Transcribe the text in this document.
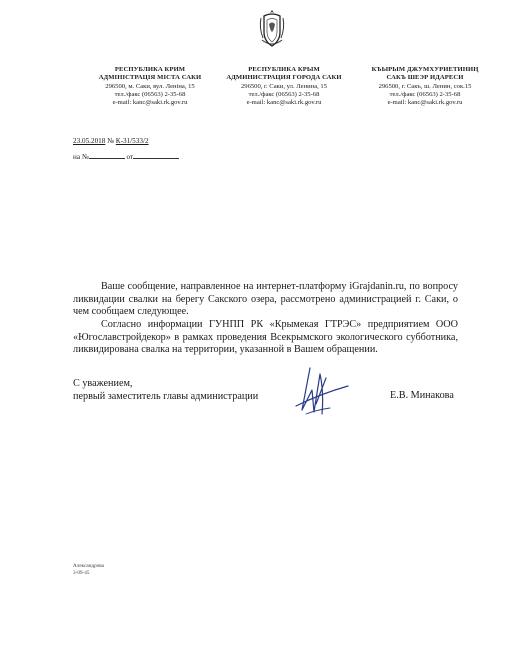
РЕСПУБЛИКА КРИМ
АДМІНІСТРАЦІЯ МІСТА САКИ
296500, м. Саки, вул. Леніна, 15
тел./факс (06563) 2-35-68
e-mail: kanc@saki.rk.gov.ru
РЕСПУБЛИКА КРЫМ
АДМИНИСТРАЦИЯ ГОРОДА САКИ
296500, г. Саки, ул. Ленина, 15
тел./факс (06563) 2-35-68
e-mail: kanc@saki.rk.gov.ru
КЪЫРЫМ ДЖУМХУРИЕТИНИҢ
САКЪ ШЕЭР ИДАРЕСИ
296500, г. Сакъ, ш. Ленин, сок.15
тел./факс (06563) 2-35-68
e-mail: kanc@saki.rk.gov.ru
23.05.2018 № К-31/533/2
на №	от
Ваше сообщение, направленное на интернет-платформу iGrajdanin.ru, по вопросу ликвидации свалки на берегу Сакского озера, рассмотрено администрацией г. Саки, о чем сообщаем следующее.
Согласно информации ГУНПП РК «Крымекая ГТРЭС» предприятием ООО «Югославстройдекор» в рамках проведения Всекрымского экологического субботника, ликвидирована свалка на территории, указанной в Вашем обращении.
С уважением,
первый заместитель главы администрации	Е.В. Минакова
Александрова
3-09-45
